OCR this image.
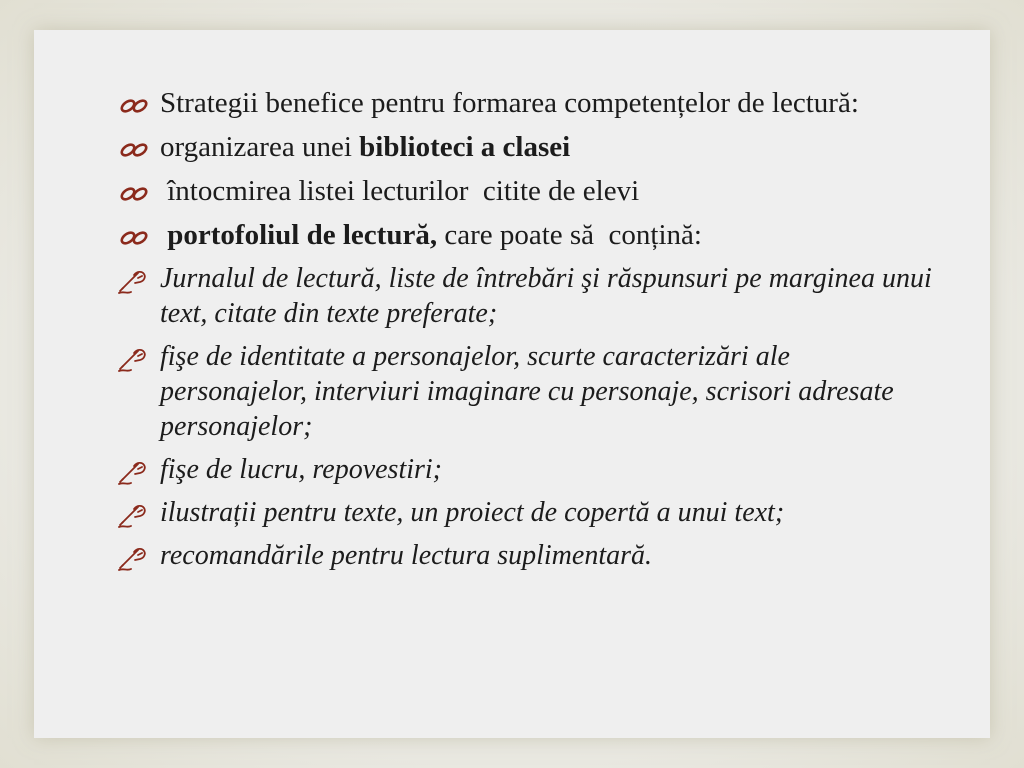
Strategii benefice pentru formarea competențelor de lectură:
organizarea unei biblioteci a clasei
întocmirea listei lecturilor  citite de elevi
portofoliul de lectură, care poate să  conțină:
Jurnalul de lectură, liste de întrebări şi răspunsuri pe marginea unui text, citate din texte preferate;
fişe de identitate a personajelor, scurte caracterizări ale personajelor, interviuri imaginare cu personaje, scrisori adresate personajelor;
fişe de lucru, repovestiri;
ilustrații pentru texte, un proiect de copertă a unui text;
recomandările pentru lectura suplimentară.
